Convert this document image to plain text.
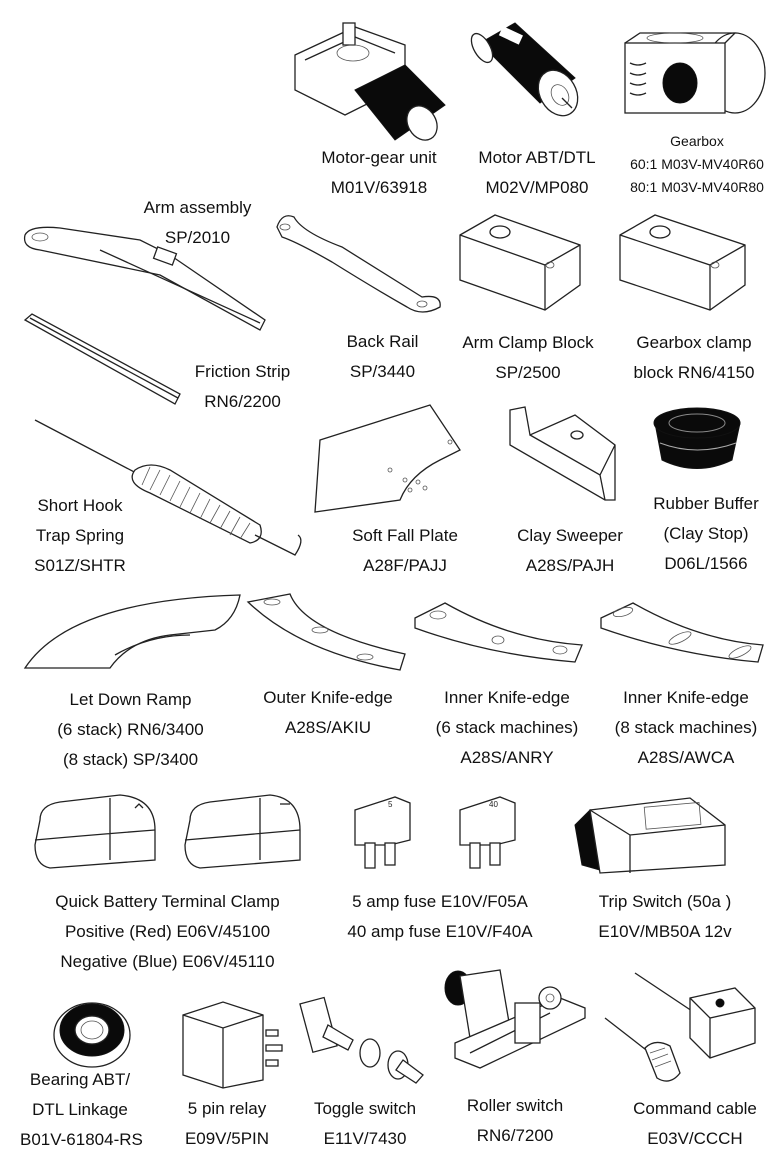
Motor-gear unit
M01V/63918
Motor ABT/DTL
M02V/MP080
Gearbox
60:1 M03V-MV40R60
80:1 M03V-MV40R80
Arm assembly
SP/2010
Friction Strip
RN6/2200
Back Rail
SP/3440
Arm Clamp Block
SP/2500
Gearbox clamp
block RN6/4150
Short Hook
Trap Spring
S01Z/SHTR
Soft Fall Plate
A28F/PAJJ
Clay Sweeper
A28S/PAJH
Rubber Buffer
(Clay Stop)
D06L/1566
Let Down Ramp
(6 stack) RN6/3400
(8 stack) SP/3400
Outer Knife-edge
A28S/AKIU
Inner Knife-edge
(6 stack machines)
A28S/ANRY
Inner Knife-edge
(8 stack machines)
A28S/AWCA
Quick Battery Terminal Clamp
Positive (Red) E06V/45100
Negative (Blue) E06V/45110
5	40
5 amp fuse E10V/F05A
40 amp fuse E10V/F40A
Trip Switch (50a )
E10V/MB50A 12v
Bearing ABT/
DTL Linkage
B01V-61804-RS
5 pin relay
E09V/5PIN
Toggle switch
E11V/7430
Roller switch
RN6/7200
Command cable
E03V/CCCH
